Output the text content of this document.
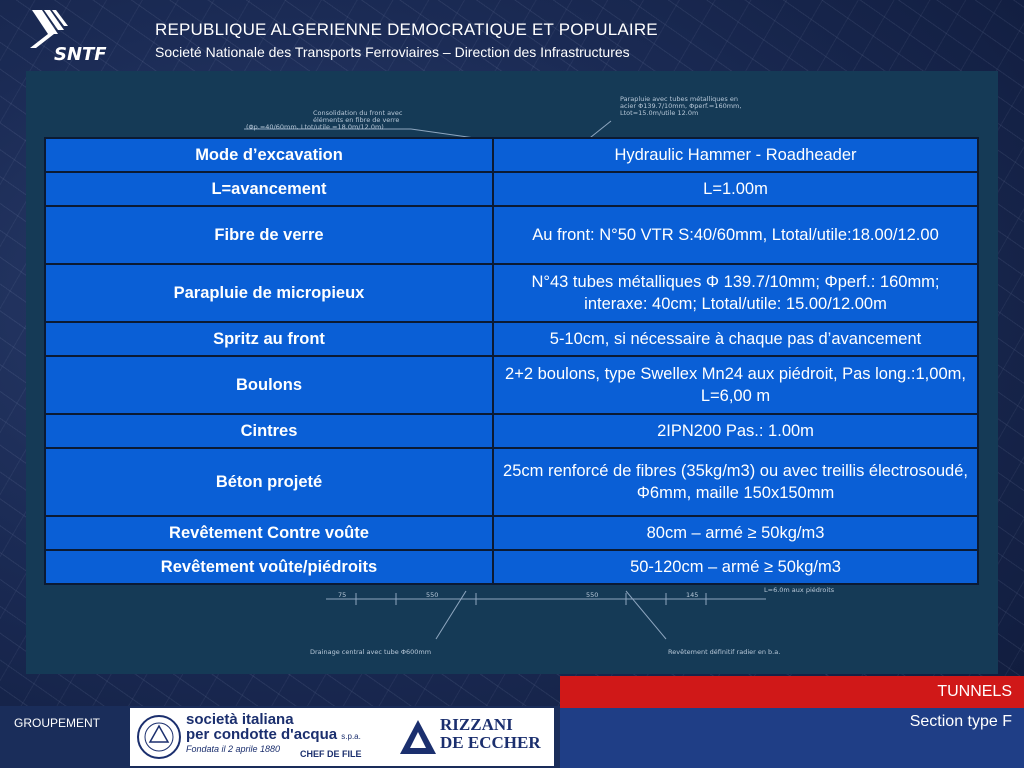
SNTF
REPUBLIQUE ALGERIENNE DEMOCRATIQUE ET POPULAIRE
Societé Nationale des Transports Ferroviaires – Direction des Infrastructures
Consolidation du front avec
éléments en fibre de verre
(Φp.=40/60mm, Ltot/utile =18.0m/12.0m)
Parapluie avec tubes métalliques en
acier Φ139.7/10mm, Φperf.=160mm,
Ltot=15.0m/utile 12.0m
75	550	550	145
L=6.0m aux piédroits
Drainage central avec tube Φ600mm	Revêtement définitif radier en b.a.
Mode d’excavation	Hydraulic Hammer - Roadheader
L=avancement	L=1.00m
Fibre de verre	Au front: N°50 VTR S:40/60mm, Ltotal/utile:18.00/12.00
Parapluie de micropieux	N°43 tubes métalliques Φ 139.7/10mm; Φperf.: 160mm; interaxe: 40cm; Ltotal/utile: 15.00/12.00m
Spritz au front	5-10cm, si nécessaire à chaque pas d’avancement
Boulons	2+2 boulons, type Swellex Mn24 aux piédroit, Pas long.:1,00m, L=6,00 m
Cintres	2IPN200 Pas.: 1.00m
Béton projeté	25cm renforcé de fibres (35kg/m3) ou avec treillis électrosoudé, Φ6mm, maille 150x150mm
Revêtement Contre voûte	80cm – armé ≥ 50kg/m3
Revêtement voûte/piédroits	50-120cm – armé ≥ 50kg/m3
TUNNELS
Section type F
GROUPEMENT	società italiana
per condotte d'acqua s.p.a.
Fondata il 2 aprile 1880 CHEF DE FILE
RIZZANI
DE ECCHER
